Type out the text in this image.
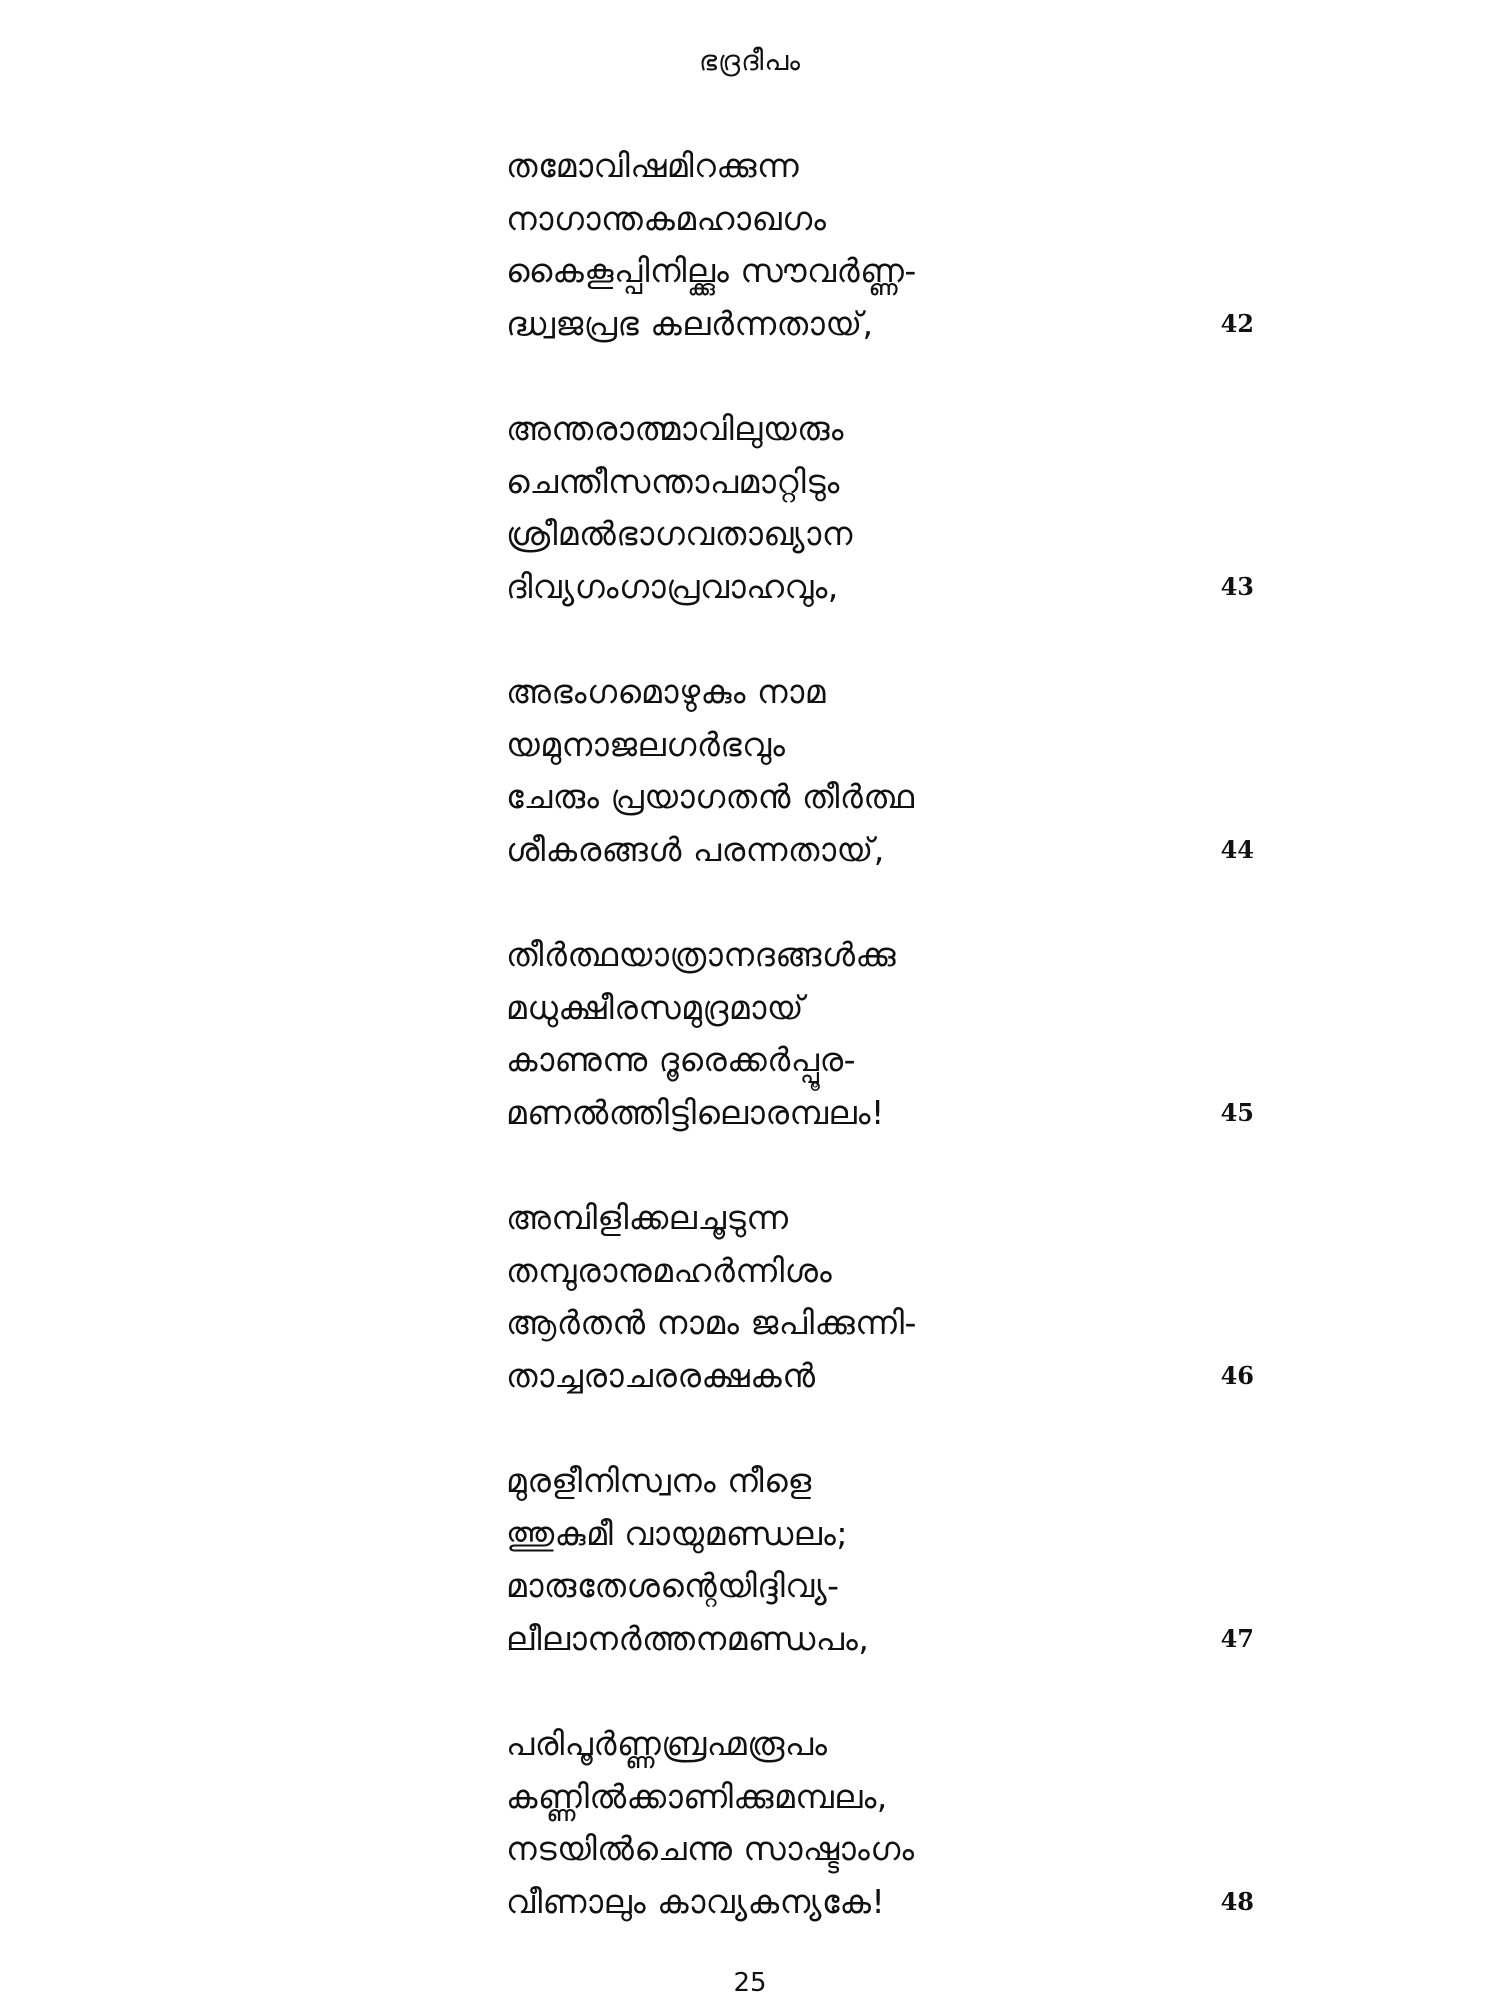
ഭദ്രദീപം
തമോവിഷമിറക്കുന്ന
നാഗാന്തകമഹാഖഗം
കൈകൂപ്പിനില്ക്കും സൗവർണ്ണ-
ദ്ധ്വജപ്രഭ കലർന്നതായ്,	42
അന്തരാത്മാവിലുയരും
ചെന്തീസന്താപമാറ്റിടും
ശ്രീമൽഭാഗവതാഖ്യാന
ദിവ്യഗംഗാപ്രവാഹവും,	43
അഭംഗമൊഴുകും നാമ
യമുനാജലഗർഭവും
ചേരും പ്രയാഗതൻ തീർത്ഥ
ശീകരങ്ങൾ പരന്നതായ്,	44
തീർത്ഥയാത്രാനദങ്ങൾക്കു
മധുക്ഷീരസമുദ്രമായ്
കാണുന്നു ദൂരെക്കർപ്പൂര-
മണൽത്തിട്ടിലൊരമ്പലം!	45
അമ്പിളിക്കലചൂടുന്ന
തമ്പുരാനുമഹർന്നിശം
ആർതൻ നാമം ജപിക്കുന്നി-
താച്ചരാചരരക്ഷകൻ	46
മുരളീനിസ്വനം നീളെ
ത്തുകുമീ വായുമണ്ഡലം;
മാരുതേശന്റെയിദ്ദിവ്യ-
ലീലാനർത്തനമണ്ഡപം,	47
പരിപൂർണ്ണബ്രഹ്മരൂപം
കണ്ണിൽക്കാണിക്കുമമ്പലം,
നടയിൽചെന്നു സാഷ്ടാംഗം
വീണാലും കാവ്യകന്യകേ!	48
25
